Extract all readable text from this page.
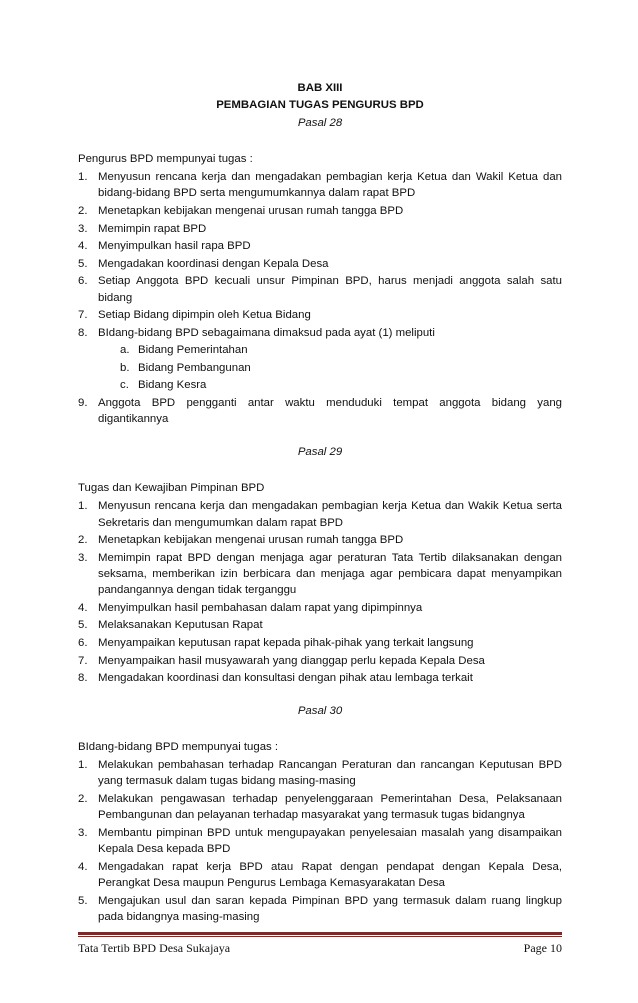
BAB XIII
PEMBAGIAN TUGAS PENGURUS BPD
Pasal 28
Pengurus BPD mempunyai tugas :
1. Menyusun rencana kerja dan mengadakan pembagian kerja Ketua dan Wakil Ketua dan bidang-bidang BPD serta mengumumkannya dalam rapat BPD
2. Menetapkan kebijakan mengenai urusan rumah tangga BPD
3. Memimpin rapat BPD
4. Menyimpulkan hasil rapa BPD
5. Mengadakan koordinasi dengan Kepala Desa
6. Setiap Anggota BPD kecuali unsur Pimpinan BPD, harus menjadi anggota salah satu bidang
7. Setiap Bidang dipimpin oleh Ketua Bidang
8. BIdang-bidang BPD sebagaimana dimaksud pada ayat (1) meliputi
a. Bidang Pemerintahan
b. Bidang Pembangunan
c. Bidang Kesra
9. Anggota BPD pengganti antar waktu menduduki tempat anggota bidang yang digantikannya
Pasal 29
Tugas dan Kewajiban Pimpinan BPD
1. Menyusun rencana kerja dan mengadakan pembagian kerja Ketua dan Wakik Ketua serta Sekretaris dan mengumumkan dalam rapat BPD
2. Menetapkan kebijakan mengenai urusan rumah tangga BPD
3. Memimpin rapat BPD dengan menjaga agar peraturan Tata Tertib dilaksanakan dengan seksama, memberikan izin berbicara dan menjaga agar pembicara dapat menyampikan pandangannya dengan tidak terganggu
4. Menyimpulkan hasil pembahasan dalam rapat yang dipimpinnya
5. Melaksanakan Keputusan Rapat
6. Menyampaikan keputusan rapat kepada pihak-pihak yang terkait langsung
7. Menyampaikan hasil musyawarah yang dianggap perlu kepada Kepala Desa
8. Mengadakan koordinasi dan konsultasi dengan pihak atau lembaga terkait
Pasal 30
BIdang-bidang BPD mempunyai tugas :
1. Melakukan pembahasan terhadap Rancangan Peraturan dan rancangan Keputusan BPD yang termasuk dalam tugas bidang masing-masing
2. Melakukan pengawasan terhadap penyelenggaraan Pemerintahan Desa, Pelaksanaan Pembangunan dan pelayanan terhadap masyarakat yang termasuk tugas bidangnya
3. Membantu pimpinan BPD untuk mengupayakan penyelesaian masalah yang disampaikan Kepala Desa kepada BPD
4. Mengadakan rapat kerja BPD atau Rapat dengan pendapat dengan Kepala Desa, Perangkat Desa maupun Pengurus Lembaga Kemasyarakatan Desa
5. Mengajukan usul dan saran kepada Pimpinan BPD yang termasuk dalam ruang lingkup pada bidangnya masing-masing
Tata Tertib BPD Desa Sukajaya	Page 10
